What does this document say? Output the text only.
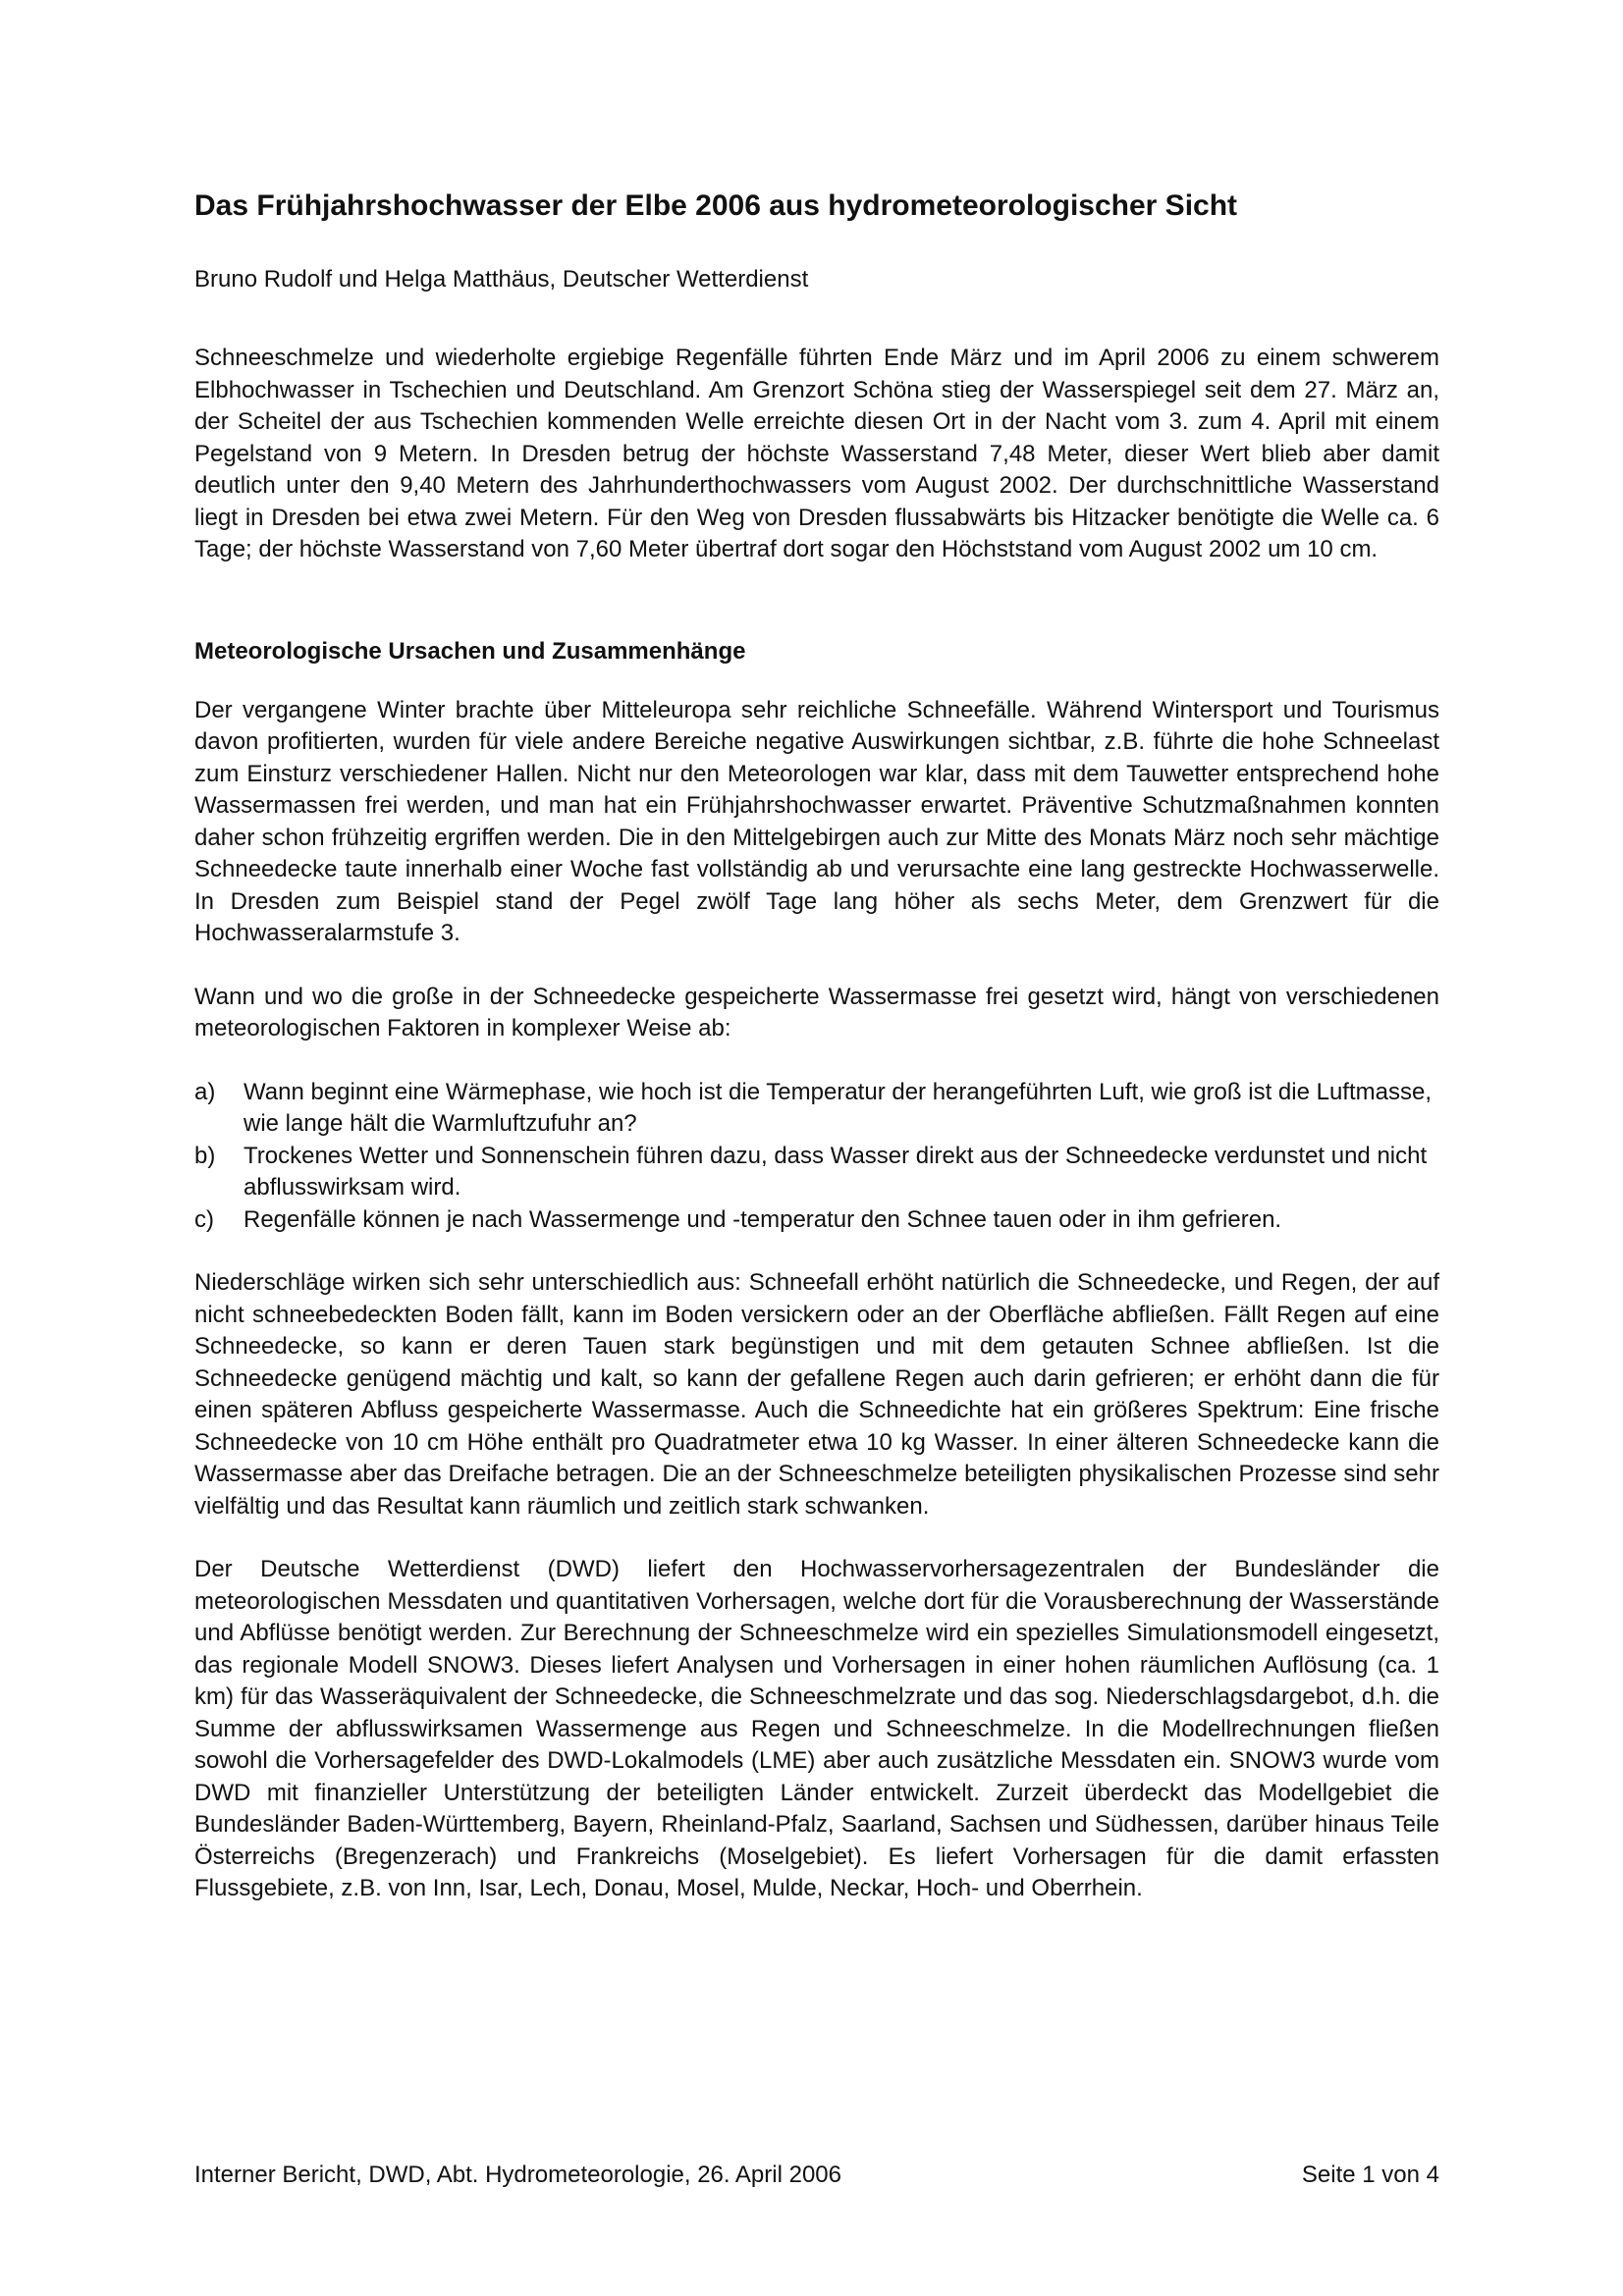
Das Frühjahrshochwasser der Elbe 2006 aus hydrometeorologischer Sicht
Bruno Rudolf und Helga Matthäus, Deutscher Wetterdienst

Schneeschmelze und wiederholte ergiebige Regenfälle führten Ende März und im April 2006 zu einem schwerem Elbhochwasser in Tschechien und Deutschland. Am Grenzort Schöna stieg der Wasserspiegel seit dem 27. März an, der Scheitel der aus Tschechien kommenden Welle erreichte diesen Ort in der Nacht vom 3. zum 4. April mit einem Pegelstand von 9 Metern. In Dresden betrug der höchste Wasserstand 7,48 Meter, dieser Wert blieb aber damit deutlich unter den 9,40 Metern des Jahrhunderthochwassers vom August 2002. Der durchschnittliche Wasserstand liegt in Dresden bei etwa zwei Metern. Für den Weg von Dresden flussabwärts bis Hitzacker benötigte die Welle ca. 6 Tage; der höchste Wasserstand von 7,60 Meter übertraf dort sogar den Höchststand vom August 2002 um 10 cm.

Meteorologische Ursachen und Zusammenhänge

Der vergangene Winter brachte über Mitteleuropa sehr reichliche Schneefälle. Während Wintersport und Tourismus davon profitierten, wurden für viele andere Bereiche negative Auswirkungen sichtbar, z.B. führte die hohe Schneelast zum Einsturz verschiedener Hallen. Nicht nur den Meteorologen war klar, dass mit dem Tauwetter entsprechend hohe Wassermassen frei werden, und man hat ein Frühjahrshochwasser erwartet. Präventive Schutzmaßnahmen konnten daher schon frühzeitig ergriffen werden. Die in den Mittelgebirgen auch zur Mitte des Monats März noch sehr mächtige Schneedecke taute innerhalb einer Woche fast vollständig ab und verursachte eine lang gestreckte Hochwasserwelle. In Dresden zum Beispiel stand der Pegel zwölf Tage lang höher als sechs Meter, dem Grenzwert für die Hochwasseralarmstufe 3.

Wann und wo die große in der Schneedecke gespeicherte Wassermasse frei gesetzt wird, hängt von verschiedenen meteorologischen Faktoren in komplexer Weise ab:

a) Wann beginnt eine Wärmephase, wie hoch ist die Temperatur der herangeführten Luft, wie groß ist die Luftmasse, wie lange hält die Warmluftzufuhr an?
b) Trockenes Wetter und Sonnenschein führen dazu, dass Wasser direkt aus der Schneedecke verdunstet und nicht abflusswirksam wird.
c) Regenfälle können je nach Wassermenge und -temperatur den Schnee tauen oder in ihm gefrieren.

Niederschläge wirken sich sehr unterschiedlich aus: Schneefall erhöht natürlich die Schneedecke, und Regen, der auf nicht schneebedeckten Boden fällt, kann im Boden versickern oder an der Oberfläche abfließen. Fällt Regen auf eine Schneedecke, so kann er deren Tauen stark begünstigen und mit dem getauten Schnee abfließen. Ist die Schneedecke genügend mächtig und kalt, so kann der gefallene Regen auch darin gefrieren; er erhöht dann die für einen späteren Abfluss gespeicherte Wassermasse. Auch die Schneedichte hat ein größeres Spektrum: Eine frische Schneedecke von 10 cm Höhe enthält pro Quadratmeter etwa 10 kg Wasser. In einer älteren Schneedecke kann die Wassermasse aber das Dreifache betragen. Die an der Schneeschmelze beteiligten physikalischen Prozesse sind sehr vielfältig und das Resultat kann räumlich und zeitlich stark schwanken.

Der Deutsche Wetterdienst (DWD) liefert den Hochwasservorhersagezentralen der Bundesländer die meteorologischen Messdaten und quantitativen Vorhersagen, welche dort für die Vorausberechnung der Wasserstände und Abflüsse benötigt werden. Zur Berechnung der Schneeschmelze wird ein spezielles Simulationsmodell eingesetzt, das regionale Modell SNOW3. Dieses liefert Analysen und Vorhersagen in einer hohen räumlichen Auflösung (ca. 1 km) für das Wasseräquivalent der Schneedecke, die Schneeschmelzrate und das sog. Niederschlagsdargebot, d.h. die Summe der abflusswirksamen Wassermenge aus Regen und Schneeschmelze. In die Modellrechnungen fließen sowohl die Vorhersagefelder des DWD-Lokalmodels (LME) aber auch zusätzliche Messdaten ein. SNOW3 wurde vom DWD mit finanzieller Unterstützung der beteiligten Länder entwickelt. Zurzeit überdeckt das Modellgebiet die Bundesländer Baden-Württemberg, Bayern, Rheinland-Pfalz, Saarland, Sachsen und Südhessen, darüber hinaus Teile Österreichs (Bregenzerach) und Frankreichs (Moselgebiet). Es liefert Vorhersagen für die damit erfassten Flussgebiete, z.B. von Inn, Isar, Lech, Donau, Mosel, Mulde, Neckar, Hoch- und Oberrhein.

Interner Bericht, DWD, Abt. Hydrometeorologie, 26. April 2006	Seite 1 von 4
